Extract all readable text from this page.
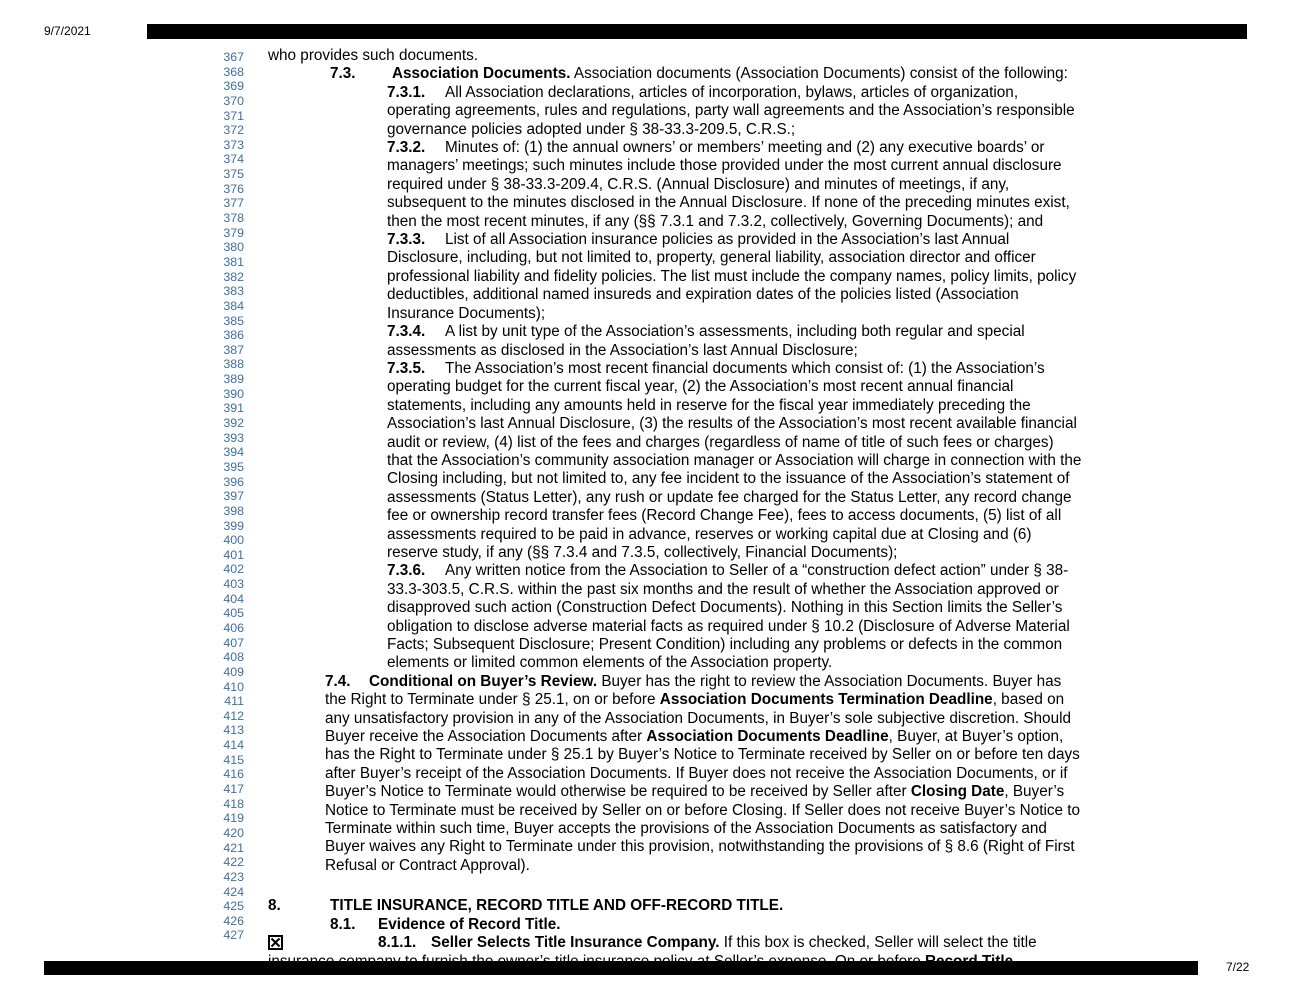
9/7/2021
367
368
369
370
371
372
373
374
375
376
377
378
379
380
381
382
383
384
385
386
387
388
389
390
391
392
393
394
395
396
397
398
399
400
401
402
403
404
405
406
407
408
409
410
411
412
413
414
415
416
417
418
419
420
421
422
423
424
425
426
427

who provides such documents.

7.3. Association Documents. Association documents (Association Documents) consist of the following:

7.3.1. All Association declarations, articles of incorporation, bylaws, articles of organization, operating agreements, rules and regulations, party wall agreements and the Association’s responsible governance policies adopted under § 38-33.3-209.5, C.R.S.;

7.3.2. Minutes of: (1) the annual owners’ or members’ meeting and (2) any executive boards’ or managers’ meetings; such minutes include those provided under the most current annual disclosure required under § 38-33.3-209.4, C.R.S. (Annual Disclosure) and minutes of meetings, if any, subsequent to the minutes disclosed in the Annual Disclosure. If none of the preceding minutes exist, then the most recent minutes, if any (§§ 7.3.1 and 7.3.2, collectively, Governing Documents); and

7.3.3. List of all Association insurance policies as provided in the Association’s last Annual Disclosure, including, but not limited to, property, general liability, association director and officer professional liability and fidelity policies. The list must include the company names, policy limits, policy deductibles, additional named insureds and expiration dates of the policies listed (Association Insurance Documents);

7.3.4. A list by unit type of the Association’s assessments, including both regular and special assessments as disclosed in the Association’s last Annual Disclosure;

7.3.5. The Association’s most recent financial documents which consist of: (1) the Association’s operating budget for the current fiscal year, (2) the Association’s most recent annual financial statements, including any amounts held in reserve for the fiscal year immediately preceding the Association’s last Annual Disclosure, (3) the results of the Association’s most recent available financial audit or review, (4) list of the fees and charges (regardless of name of title of such fees or charges) that the Association’s community association manager or Association will charge in connection with the Closing including, but not limited to, any fee incident to the issuance of the Association’s statement of assessments (Status Letter), any rush or update fee charged for the Status Letter, any record change fee or ownership record transfer fees (Record Change Fee), fees to access documents, (5) list of all assessments required to be paid in advance, reserves or working capital due at Closing and (6) reserve study, if any (§§ 7.3.4 and 7.3.5, collectively, Financial Documents);

7.3.6. Any written notice from the Association to Seller of a “construction defect action” under § 38-33.3-303.5, C.R.S. within the past six months and the result of whether the Association approved or disapproved such action (Construction Defect Documents). Nothing in this Section limits the Seller’s obligation to disclose adverse material facts as required under § 10.2 (Disclosure of Adverse Material Facts; Subsequent Disclosure; Present Condition) including any problems or defects in the common elements or limited common elements of the Association property.

7.4. Conditional on Buyer’s Review. Buyer has the right to review the Association Documents. Buyer has the Right to Terminate under § 25.1, on or before Association Documents Termination Deadline, based on any unsatisfactory provision in any of the Association Documents, in Buyer’s sole subjective discretion. Should Buyer receive the Association Documents after Association Documents Deadline, Buyer, at Buyer’s option, has the Right to Terminate under § 25.1 by Buyer’s Notice to Terminate received by Seller on or before ten days after Buyer’s receipt of the Association Documents. If Buyer does not receive the Association Documents, or if Buyer’s Notice to Terminate would otherwise be required to be received by Seller after Closing Date, Buyer’s Notice to Terminate must be received by Seller on or before Closing. If Seller does not receive Buyer’s Notice to Terminate within such time, Buyer accepts the provisions of the Association Documents as satisfactory and Buyer waives any Right to Terminate under this provision, notwithstanding the provisions of § 8.6 (Right of First Refusal or Contract Approval).

8.	TITLE INSURANCE, RECORD TITLE AND OFF-RECORD TITLE.

8.1. Evidence of Record Title.

8.1.1. Seller Selects Title Insurance Company. If this box is checked, Seller will select the title

7/22
